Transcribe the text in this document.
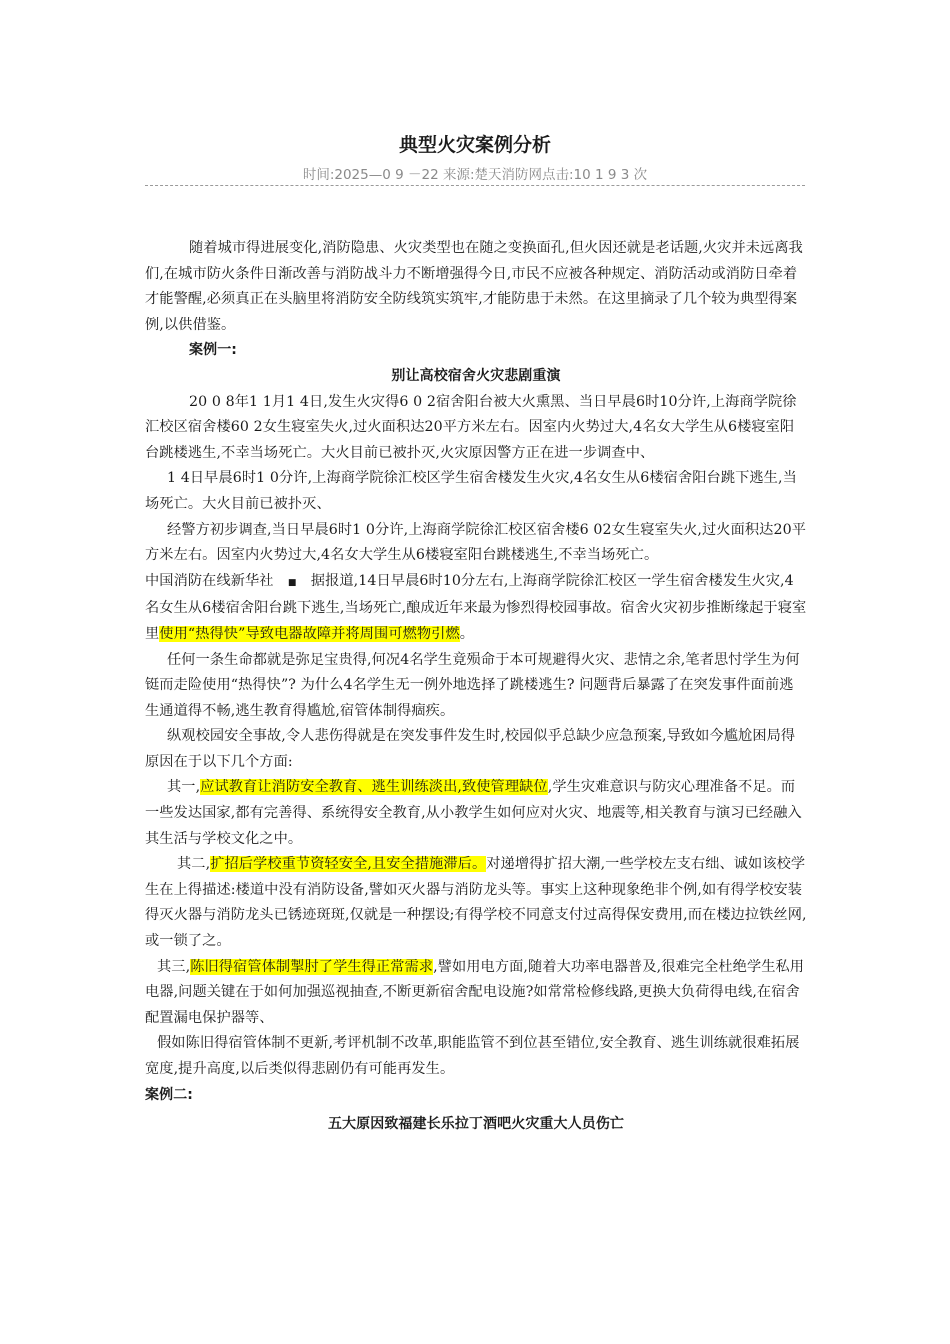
典型火灾案例分析
时间:2025—0 9 －22 来源:楚天消防网点击:10 1 9 3 次

随着城市得进展变化,消防隐患、火灾类型也在随之变换面孔,但火因还就是老话题,火灾并未远离我们,在城市防火条件日渐改善与消防战斗力不断增强得今日,市民不应被各种规定、消防活动或消防日牵着才能警醒,必须真正在头脑里将消防安全防线筑实筑牢,才能防患于未然。在这里摘录了几个较为典型得案例,以供借鉴。

案例一:

别让高校宿舍火灾悲剧重演

20 0 8年1 1月1 4日,发生火灾得6 0 2宿舍阳台被大火熏黑、当日早晨6时10分许,上海商学院徐汇校区宿舍楼60 2女生寝室失火,过火面积达20平方米左右。因室内火势过大,4名女大学生从6楼寝室阳台跳楼逃生,不幸当场死亡。大火目前已被扑灭,火灾原因警方正在进一步调查中、

1 4日早晨6时1 0分许,上海商学院徐汇校区学生宿舍楼发生火灾,4名女生从6楼宿舍阳台跳下逃生,当场死亡。大火目前已被扑灭、

经警方初步调查,当日早晨6时1 0分许,上海商学院徐汇校区宿舍楼6 02女生寝室失火,过火面积达20平方米左右。因室内火势过大,4名女大学生从6楼寝室阳台跳楼逃生,不幸当场死亡。

中国消防在线新华社　■　据报道,14日早晨6时10分左右,上海商学院徐汇校区一学生宿舍楼发生火灾,4名女生从6楼宿舍阳台跳下逃生,当场死亡,酿成近年来最为惨烈得校园事故。宿舍火灾初步推断缘起于寝室里使用“热得快”导致电器故障并将周围可燃物引燃。

任何一条生命都就是弥足宝贵得,何况4名学生竟殒命于本可规避得火灾、悲情之余,笔者思忖学生为何铤而走险使用“热得快”? 为什么4名学生无一例外地选择了跳楼逃生? 问题背后暴露了在突发事件面前逃生通道得不畅,逃生教育得尴尬,宿管体制得痼疾。

纵观校园安全事故,令人悲伤得就是在突发事件发生时,校园似乎总缺少应急预案,导致如今尴尬困局得原因在于以下几个方面:

其一,应试教育让消防安全教育、逃生训练淡出,致使管理缺位,学生灾难意识与防灾心理准备不足。而一些发达国家,都有完善得、系统得安全教育,从小教学生如何应对火灾、地震等,相关教育与演习已经融入其生活与学校文化之中。

其二,扩招后学校重节资轻安全,且安全措施滞后。对递增得扩招大潮,一些学校左支右绌、诚如该校学生在上得描述:楼道中没有消防设备,譬如灭火器与消防龙头等。事实上这种现象绝非个例,如有得学校安装得灭火器与消防龙头已锈迹斑斑,仅就是一种摆设;有得学校不同意支付过高得保安费用,而在楼边拉铁丝网,或一锁了之。

其三,陈旧得宿管体制掣肘了学生得正常需求,譬如用电方面,随着大功率电器普及,很难完全杜绝学生私用电器,问题关键在于如何加强巡视抽查,不断更新宿舍配电设施?如常常检修线路,更换大负荷得电线,在宿舍配置漏电保护器等、

假如陈旧得宿管体制不更新,考评机制不改革,职能监管不到位甚至错位,安全教育、逃生训练就很难拓展宽度,提升高度,以后类似得悲剧仍有可能再发生。

案例二:

五大原因致福建长乐拉丁酒吧火灾重大人员伤亡
